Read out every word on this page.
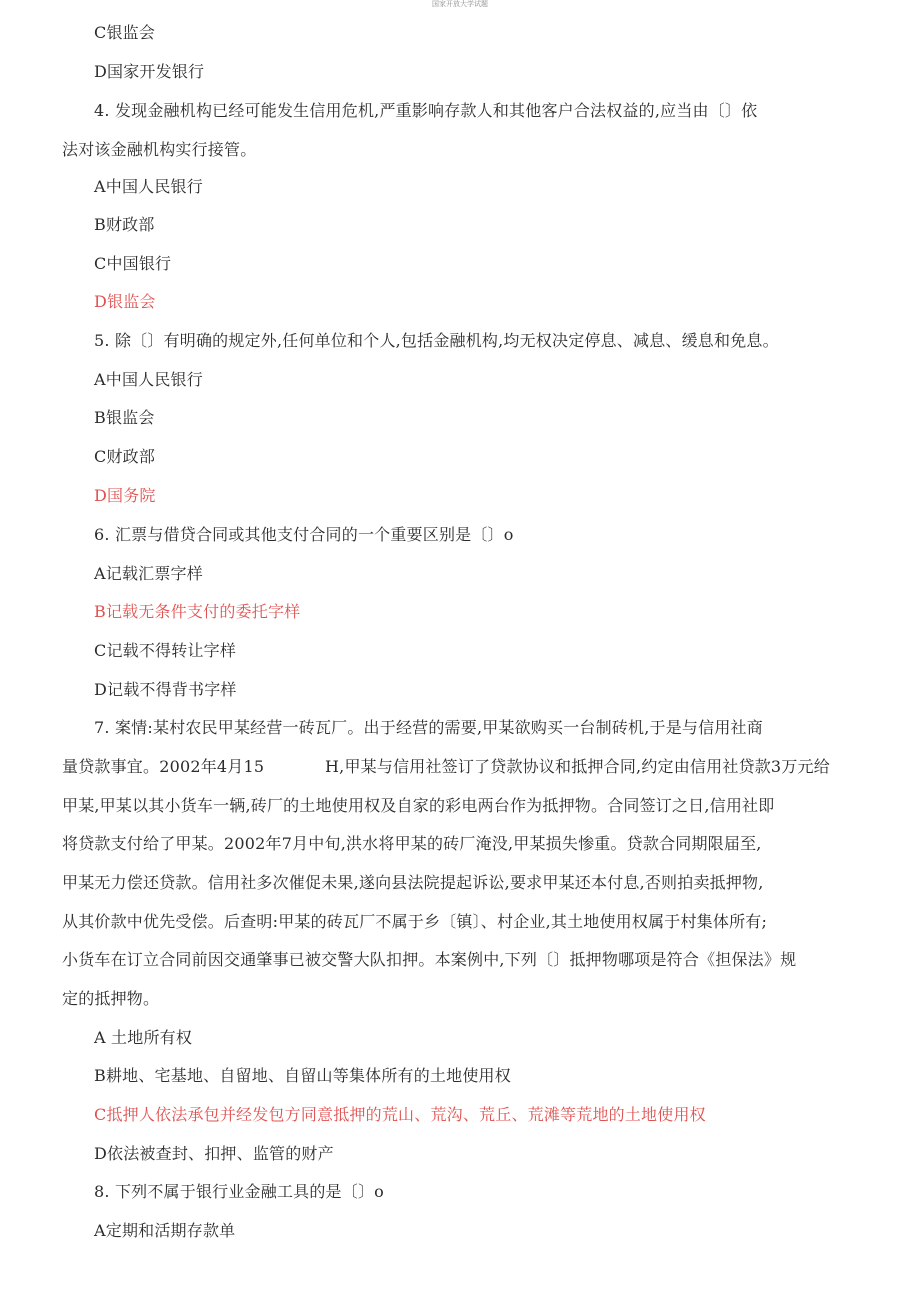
国家开放大学试题
C银监会
D国家开发银行
4. 发现金融机构已经可能发生信用危机,严重影响存款人和其他客户合法权益的,应当由〔〕依
法对该金融机构实行接管。
A中国人民银行
B财政部
C中国银行
D银监会
5. 除〔〕有明确的规定外,任何单位和个人,包括金融机构,均无权决定停息、减息、缓息和免息。
A中国人民银行
B银监会
C财政部
D国务院
6. 汇票与借贷合同或其他支付合同的一个重要区别是〔〕o
A记载汇票字样
B记载无条件支付的委托字样
C记载不得转让字样
D记载不得背书字样
7. 案情:某村农民甲某经营一砖瓦厂。出于经营的需要,甲某欲购买一台制砖机,于是与信用社商
量贷款事宜。2002年4月15	H,甲某与信用社签订了贷款协议和抵押合同,约定由信用社贷款3万元给
甲某,甲某以其小货车一辆,砖厂的土地使用权及自家的彩电两台作为抵押物。合同签订之日,信用社即
将贷款支付给了甲某。2002年7月中旬,洪水将甲某的砖厂淹没,甲某损失惨重。贷款合同期限届至,
甲某无力偿还贷款。信用社多次催促未果,遂向县法院提起诉讼,要求甲某还本付息,否则拍卖抵押物,
从其价款中优先受偿。后查明:甲某的砖瓦厂不属于乡〔镇〕、村企业,其土地使用权属于村集体所有;
小货车在订立合同前因交通肇事已被交警大队扣押。本案例中,下列〔〕抵押物哪项是符合《担保法》规
定的抵押物。
A 土地所有权
B耕地、宅基地、自留地、自留山等集体所有的土地使用权
C抵押人依法承包并经发包方同意抵押的荒山、荒沟、荒丘、荒滩等荒地的土地使用权
D依法被查封、扣押、监管的财产
8. 下列不属于银行业金融工具的是〔〕o
A定期和活期存款单
